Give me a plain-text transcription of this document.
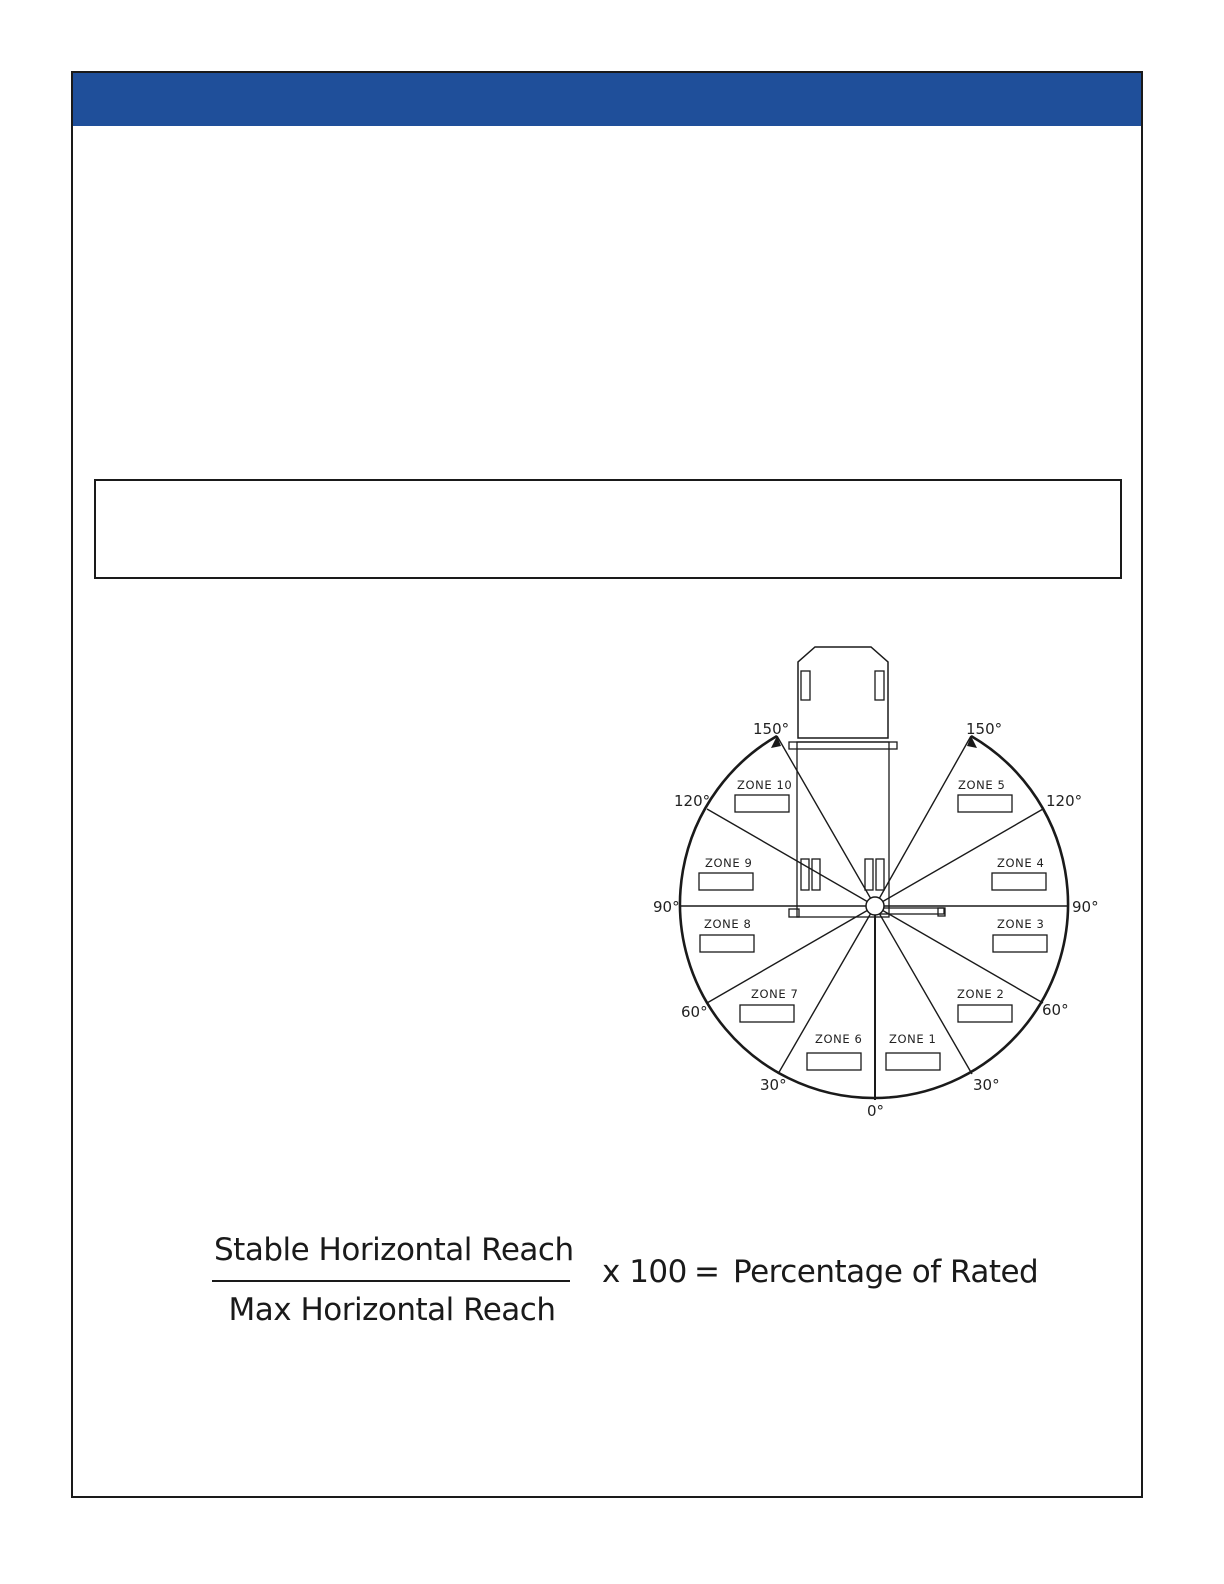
150°	150°
120°	120°
90°	90°
60°	60°
30°	30°
0°
ZONE 10	ZONE 5
ZONE 9	ZONE 4
ZONE 8	ZONE 3
ZONE 7	ZONE 2
ZONE 6 ZONE 1
Stable Horizontal Reach
Max Horizontal Reach
x 100 = Percentage of Rated
